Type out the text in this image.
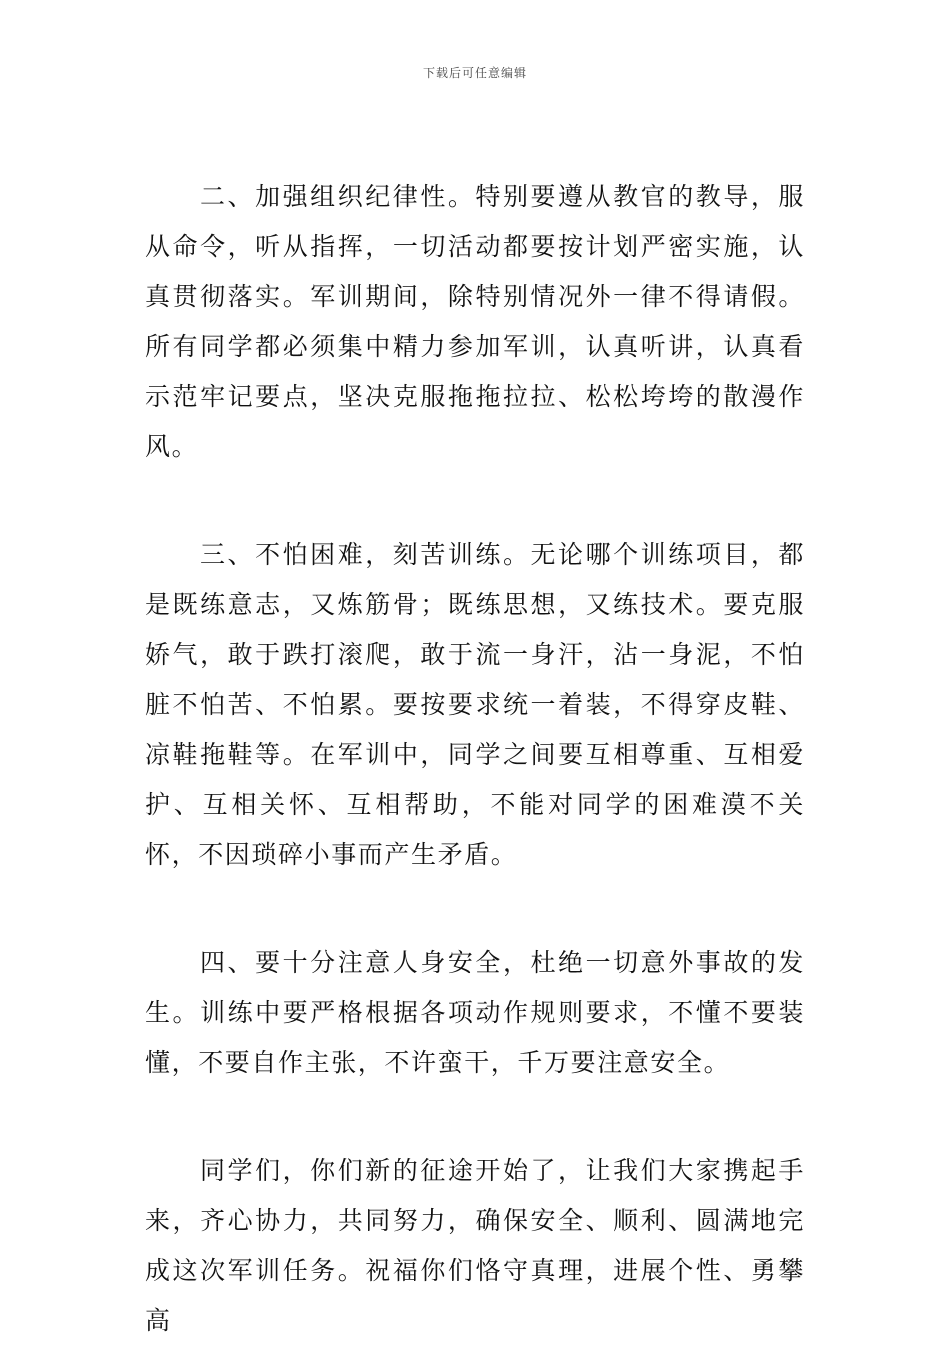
下载后可任意编辑

二、加强组织纪律性。特别要遵从教官的教导，服从命令，听从指挥，一切活动都要按计划严密实施，认真贯彻落实。军训期间，除特别情况外一律不得请假。所有同学都必须集中精力参加军训，认真听讲，认真看示范牢记要点，坚决克服拖拖拉拉、松松垮垮的散漫作风。

三、不怕困难，刻苦训练。无论哪个训练项目，都是既练意志，又炼筋骨；既练思想，又练技术。要克服娇气，敢于跌打滚爬，敢于流一身汗，沾一身泥，不怕脏不怕苦、不怕累。要按要求统一着装，不得穿皮鞋、凉鞋拖鞋等。在军训中，同学之间要互相尊重、互相爱护、互相关怀、互相帮助，不能对同学的困难漠不关怀，不因琐碎小事而产生矛盾。

四、要十分注意人身安全，杜绝一切意外事故的发生。训练中要严格根据各项动作规则要求，不懂不要装懂，不要自作主张，不许蛮干，千万要注意安全。

同学们，你们新的征途开始了，让我们大家携起手来，齐心协力，共同努力，确保安全、顺利、圆满地完成这次军训任务。祝福你们恪守真理，进展个性、勇攀高
